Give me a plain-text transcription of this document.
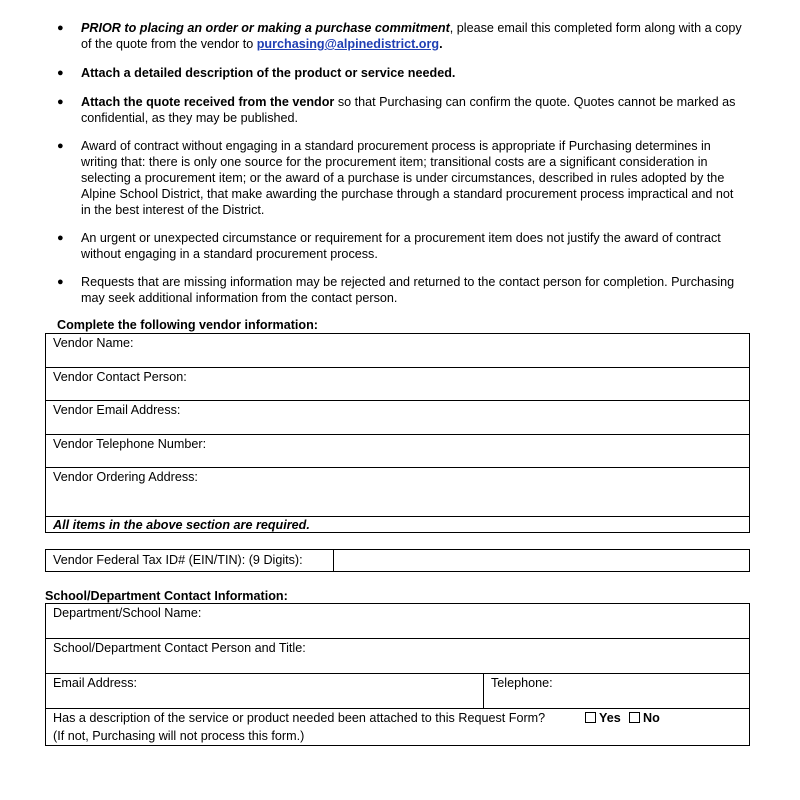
● PRIOR to placing an order or making a purchase commitment, please email this completed form along with a copy of the quote from the vendor to purchasing@alpinedistrict.org.
● Attach a detailed description of the product or service needed.
● Attach the quote received from the vendor so that Purchasing can confirm the quote. Quotes cannot be marked as confidential, as they may be published.
● Award of contract without engaging in a standard procurement process is appropriate if Purchasing determines in writing that: there is only one source for the procurement item; transitional costs are a significant consideration in selecting a procurement item; or the award of a purchase is under circumstances, described in rules adopted by the Alpine School District, that make awarding the purchase through a standard procurement process impractical and not in the best interest of the District.
● An urgent or unexpected circumstance or requirement for a procurement item does not justify the award of contract without engaging in a standard procurement process.
● Requests that are missing information may be rejected and returned to the contact person for completion. Purchasing may seek additional information from the contact person.
Complete the following vendor information:
Vendor Name:
Vendor Contact Person:
Vendor Email Address:
Vendor Telephone Number:
Vendor Ordering Address:
All items in the above section are required.
Vendor Federal Tax ID# (EIN/TIN): (9 Digits):
School/Department Contact Information:
Department/School Name:
School/Department Contact Person and Title:
Email Address:	Telephone:
Has a description of the service or product needed been attached to this Request Form?
(If not, Purchasing will not process this form.)
Yes	No
